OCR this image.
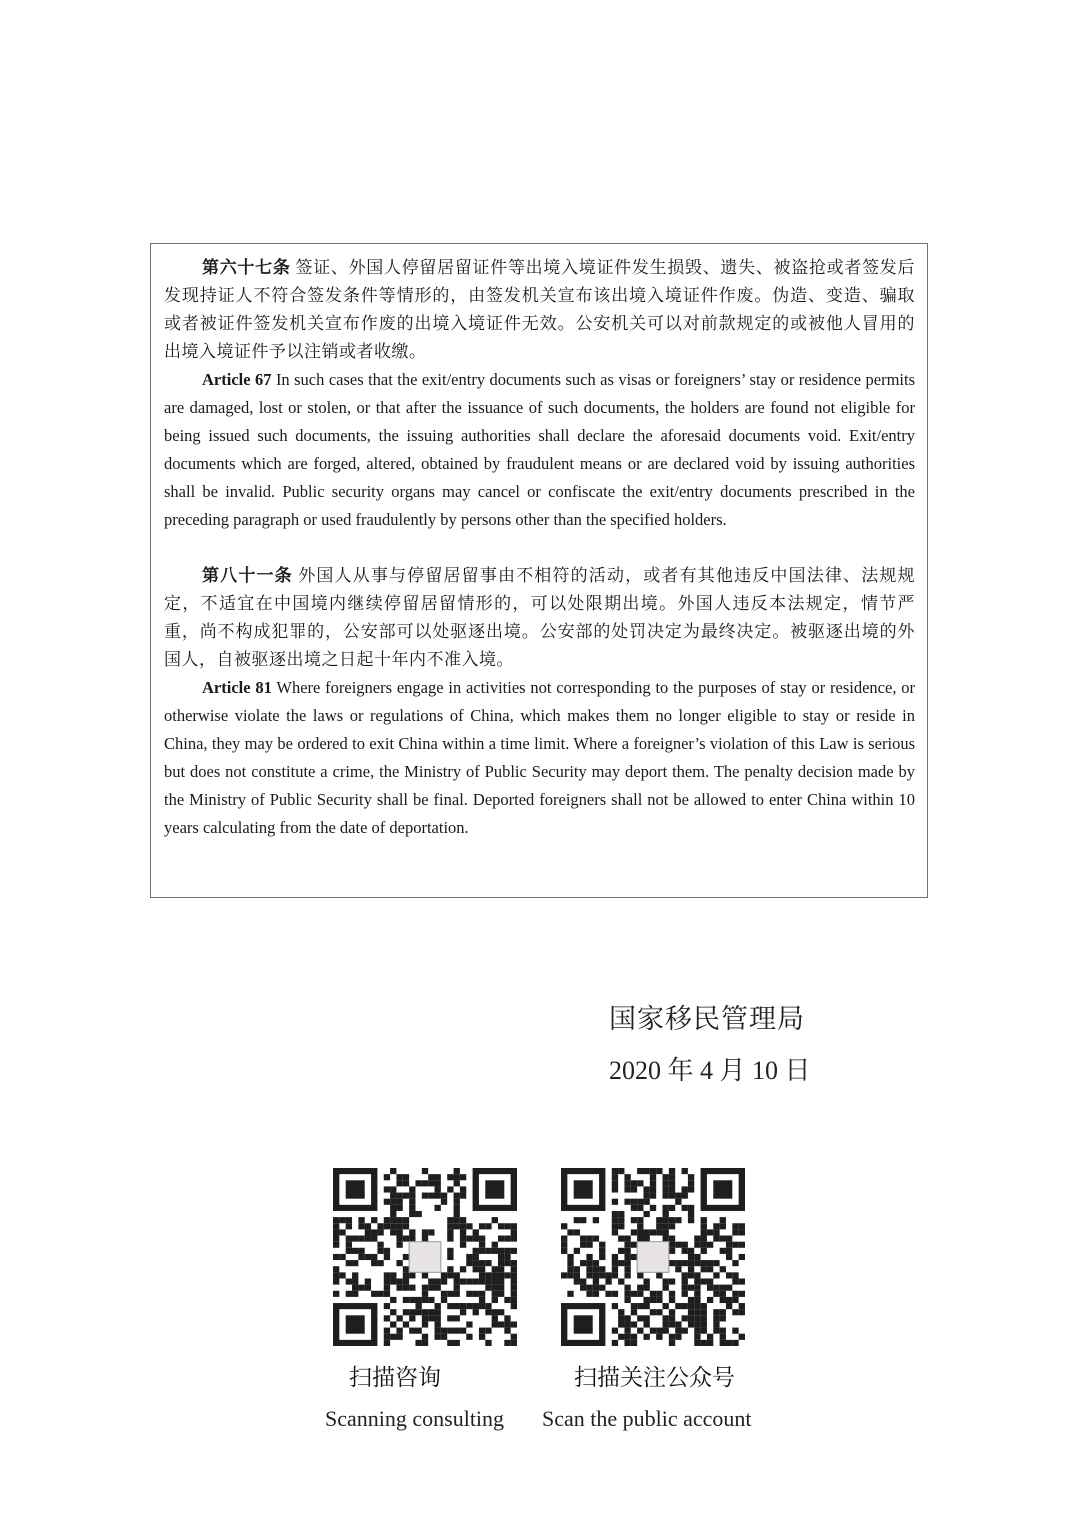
第六十七条 签证、外国人停留居留证件等出境入境证件发生损毁、遗失、被盗抢或者签发后发现持证人不符合签发条件等情形的，由签发机关宣布该出境入境证件作废。伪造、变造、骗取或者被证件签发机关宣布作废的出境入境证件无效。公安机关可以对前款规定的或被他人冒用的出境入境证件予以注销或者收缴。

Article 67 In such cases that the exit/entry documents such as visas or foreigners’ stay or residence permits are damaged, lost or stolen, or that after the issuance of such documents, the holders are found not eligible for being issued such documents, the issuing authorities shall declare the aforesaid documents void. Exit/entry documents which are forged, altered, obtained by fraudulent means or are declared void by issuing authorities shall be invalid. Public security organs may cancel or confiscate the exit/entry documents prescribed in the preceding paragraph or used fraudulently by persons other than the specified holders.

第八十一条 外国人从事与停留居留事由不相符的活动，或者有其他违反中国法律、法规规定，不适宜在中国境内继续停留居留情形的，可以处限期出境。外国人违反本法规定，情节严重，尚不构成犯罪的，公安部可以处驱逐出境。公安部的处罚决定为最终决定。被驱逐出境的外国人，自被驱逐出境之日起十年内不准入境。

Article 81 Where foreigners engage in activities not corresponding to the purposes of stay or residence, or otherwise violate the laws or regulations of China, which makes them no longer eligible to stay or reside in China, they may be ordered to exit China within a time limit. Where a foreigner’s violation of this Law is serious but does not constitute a crime, the Ministry of Public Security may deport them. The penalty decision made by the Ministry of Public Security shall be final. Deported foreigners shall not be allowed to enter China within 10 years calculating from the date of deportation.

国家移民管理局
2020 年 4 月 10 日
扫描咨询	扫描关注公众号
Scanning consulting Scan the public account
